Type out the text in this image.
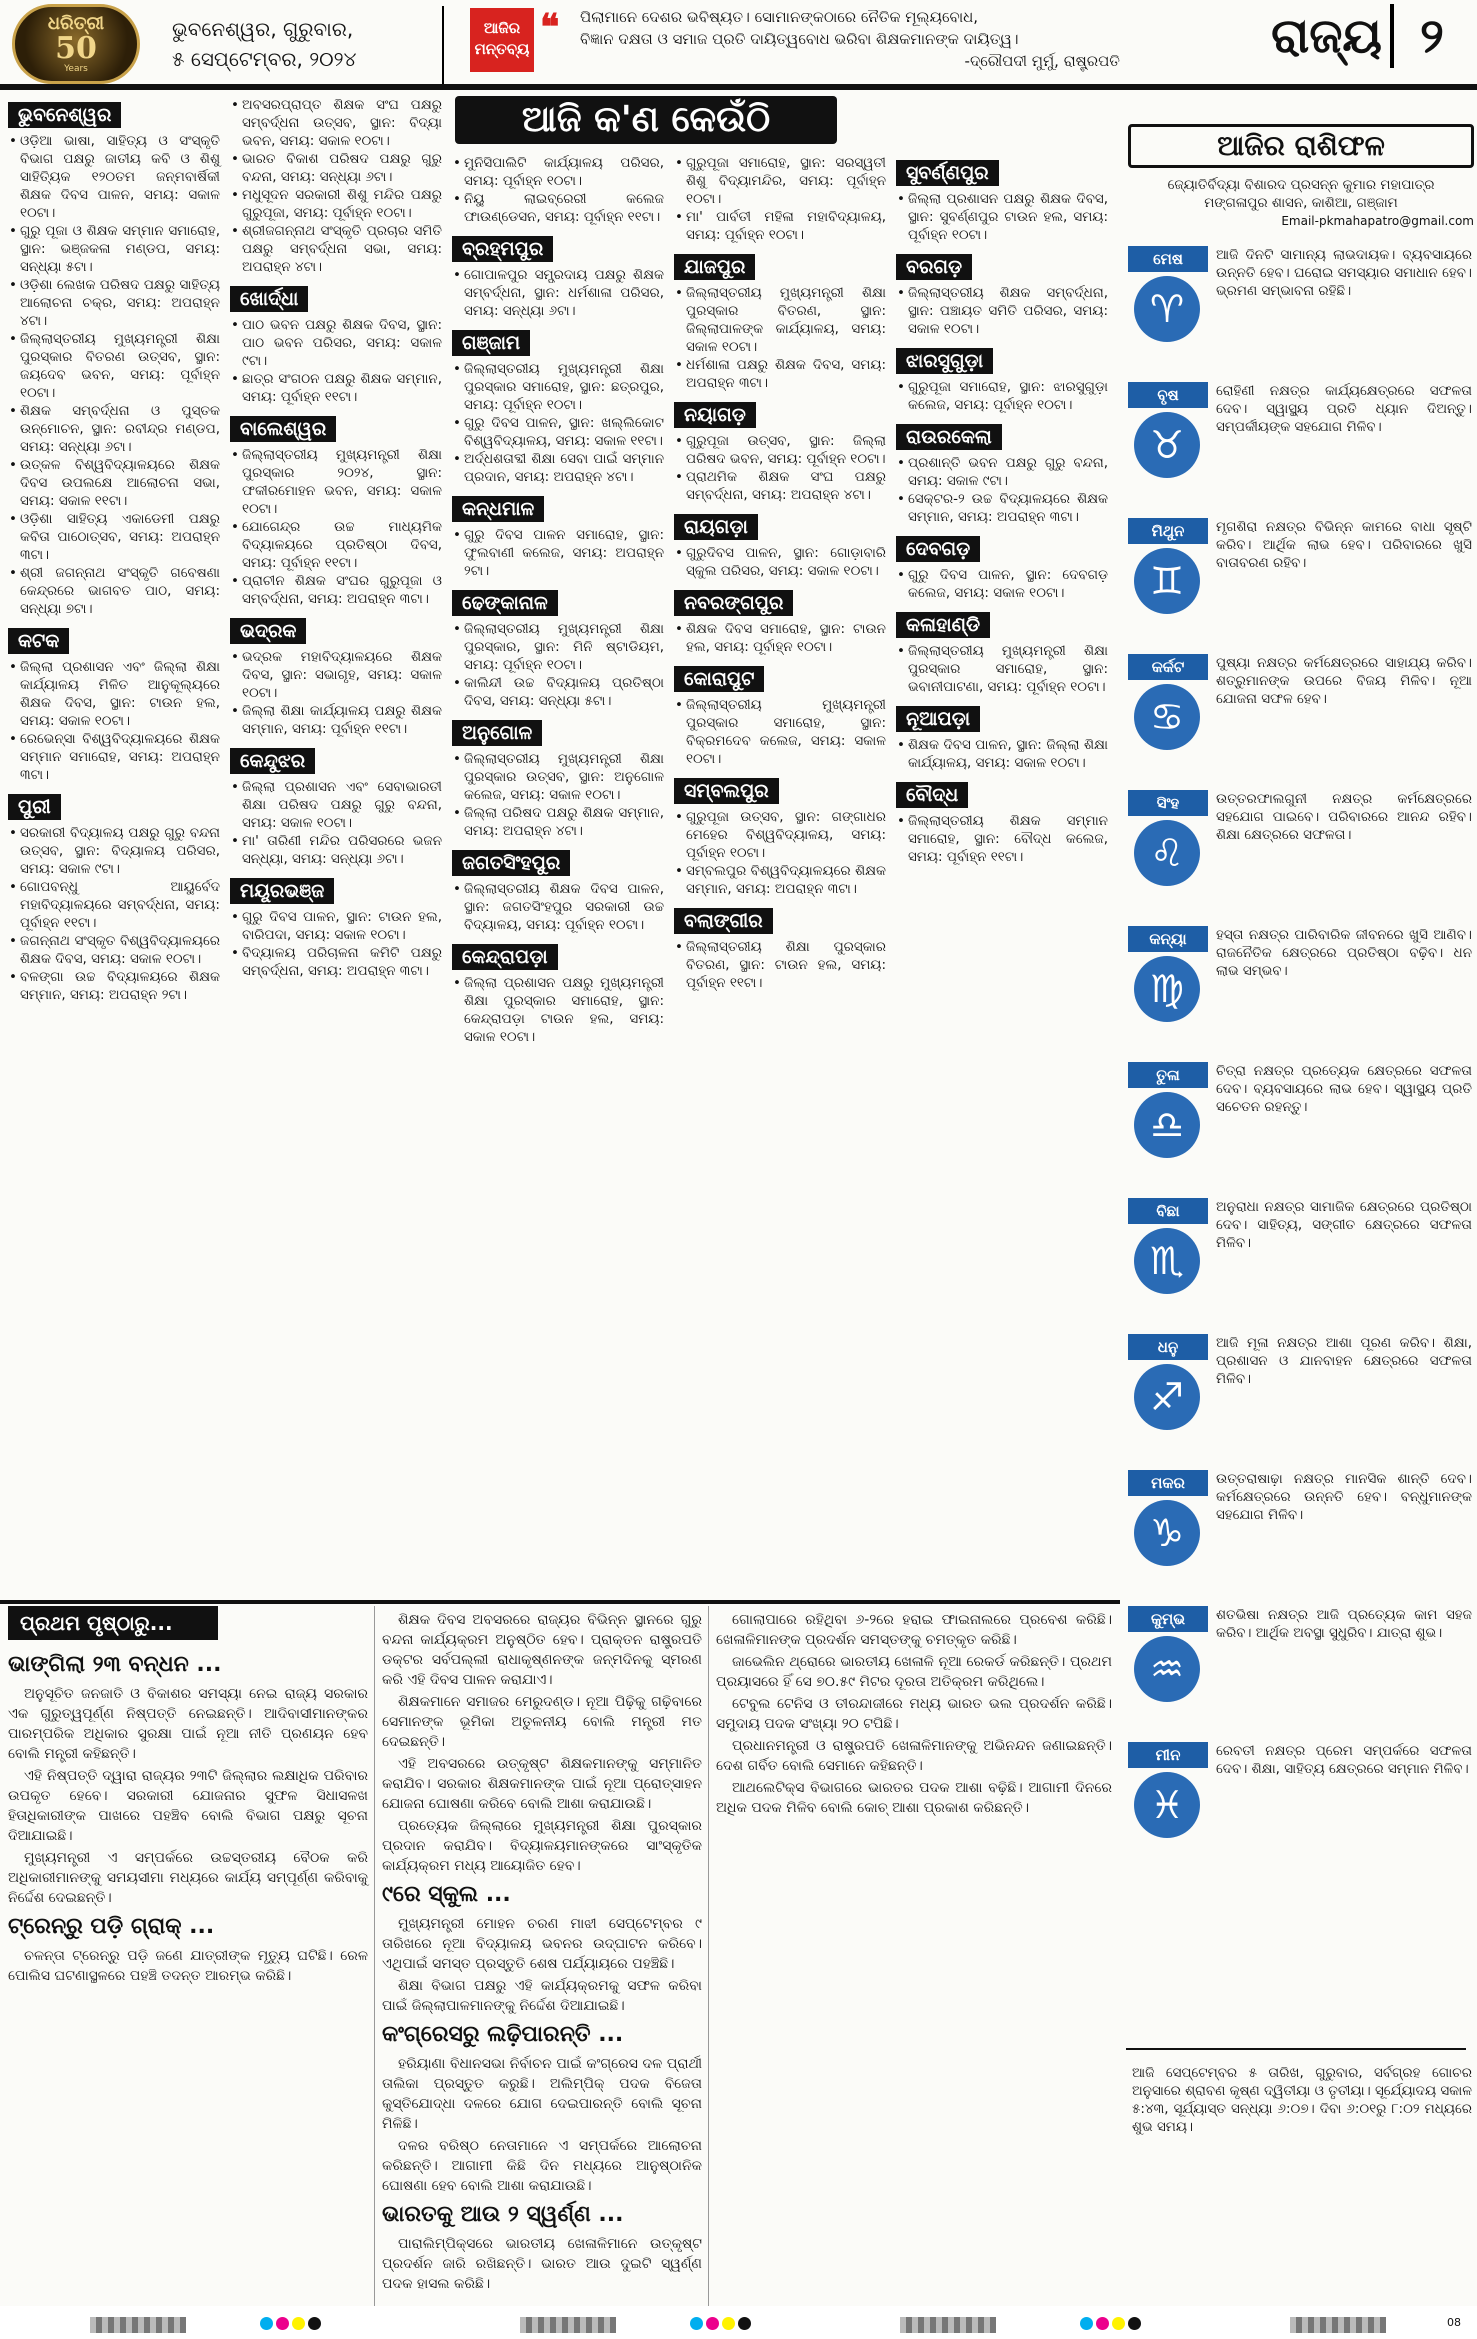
ଧରିତ୍ରୀ
50
Years
ଭୁବନେଶ୍ୱର, ଗୁରୁବାର,
୫ ସେପ୍ଟେମ୍ବର, ୨୦୨୪
ଆଜିର
ମନ୍ତବ୍ୟ
❝ ପିଲାମାନେ ଦେଶର ଭବିଷ୍ୟତ। ସୋମାନଙ୍କଠାରେ ନୈତିକ ମୂଲ୍ୟବୋଧ,
ବିଜ୍ଞାନ ଦକ୍ଷତା ଓ ସମାଜ ପ୍ରତି ଦାୟିତ୍ୱବୋଧ ଭରିବା ଶିକ୍ଷକମାନଙ୍କ ଦାୟିତ୍ୱ।
-ଦ୍ରୌପଦୀ ମୁର୍ମୁ, ରାଷ୍ଟ୍ରପତି	ରାଜ୍ୟ ୨
ଭୁବନେଶ୍ୱର
• ଓଡ଼ିଆ ଭାଷା, ସାହିତ୍ୟ ଓ ସଂସ୍କୃତି ବିଭାଗ ପକ୍ଷରୁ ଜାତୀୟ କବି ଓ ଶିଶୁ ସାହିତ୍ୟିକ ୧୨୦ତମ ଜନ୍ମବାର୍ଷିକୀ ଶିକ୍ଷକ ଦିବସ ପାଳନ, ସମୟ: ସକାଳ ୧୦ଟା।
• ଗୁରୁ ପୂଜା ଓ ଶିକ୍ଷକ ସମ୍ମାନ ସମାରୋହ, ସ୍ଥାନ: ଭଞ୍ଜକଳା ମଣ୍ଡପ, ସମୟ: ସନ୍ଧ୍ୟା ୫ଟା।
• ଓଡ଼ିଶା ଲେଖକ ପରିଷଦ ପକ୍ଷରୁ ସାହିତ୍ୟ ଆଲୋଚନା ଚକ୍ର, ସମୟ: ଅପରାହ୍ନ ୪ଟା।
• ଜିଲ୍ଲାସ୍ତରୀୟ ମୁଖ୍ୟମନ୍ତ୍ରୀ ଶିକ୍ଷା ପୁରସ୍କାର ବିତରଣ ଉତ୍ସବ, ସ୍ଥାନ: ଜୟଦେବ ଭବନ, ସମୟ: ପୂର୍ବାହ୍ନ ୧୦ଟା।
• ଶିକ୍ଷକ ସମ୍ବର୍ଦ୍ଧନା ଓ ପୁସ୍ତକ ଉନ୍ମୋଚନ, ସ୍ଥାନ: ରବୀନ୍ଦ୍ର ମଣ୍ଡପ, ସମୟ: ସନ୍ଧ୍ୟା ୬ଟା।
• ଉତ୍କଳ ବିଶ୍ୱବିଦ୍ୟାଳୟରେ ଶିକ୍ଷକ ଦିବସ ଉପଲକ୍ଷେ ଆଲୋଚନା ସଭା, ସମୟ: ସକାଳ ୧୧ଟା।
• ଓଡ଼ିଶା ସାହିତ୍ୟ ଏକାଡେମୀ ପକ୍ଷରୁ କବିତା ପାଠୋତ୍ସବ, ସମୟ: ଅପରାହ୍ନ ୩ଟା।
• ଶ୍ରୀ ଜଗନ୍ନାଥ ସଂସ୍କୃତି ଗବେଷଣା କେନ୍ଦ୍ରରେ ଭାଗବତ ପାଠ, ସମୟ: ସନ୍ଧ୍ୟା ୭ଟା।
କଟକ
• ଜିଲ୍ଲା ପ୍ରଶାସନ ଏବଂ ଜିଲ୍ଲା ଶିକ୍ଷା କାର୍ଯ୍ୟାଳୟ ମିଳିତ ଆନୁକୂଲ୍ୟରେ ଶିକ୍ଷକ ଦିବସ, ସ୍ଥାନ: ଟାଉନ ହଲ, ସମୟ: ସକାଳ ୧୦ଟା।
• ରେଭେନ୍ସା ବିଶ୍ୱବିଦ୍ୟାଳୟରେ ଶିକ୍ଷକ ସମ୍ମାନ ସମାରୋହ, ସମୟ: ଅପରାହ୍ନ ୩ଟା।
ପୁରୀ
• ସରକାରୀ ବିଦ୍ୟାଳୟ ପକ୍ଷରୁ ଗୁରୁ ବନ୍ଦନା ଉତ୍ସବ, ସ୍ଥାନ: ବିଦ୍ୟାଳୟ ପରିସର, ସମୟ: ସକାଳ ୯ଟା।
• ଗୋପବନ୍ଧୁ ଆୟୁର୍ବେଦ ମହାବିଦ୍ୟାଳୟରେ ସମ୍ବର୍ଦ୍ଧନା, ସମୟ: ପୂର୍ବାହ୍ନ ୧୧ଟା।
• ଜଗନ୍ନାଥ ସଂସ୍କୃତ ବିଶ୍ୱବିଦ୍ୟାଳୟରେ ଶିକ୍ଷକ ଦିବସ, ସମୟ: ସକାଳ ୧୦ଟା।
• ବଳଙ୍ଗା ଉଚ୍ଚ ବିଦ୍ୟାଳୟରେ ଶିକ୍ଷକ ସମ୍ମାନ, ସମୟ: ଅପରାହ୍ନ ୨ଟା।
• ଅବସରପ୍ରାପ୍ତ ଶିକ୍ଷକ ସଂଘ ପକ୍ଷରୁ ସମ୍ବର୍ଦ୍ଧନା ଉତ୍ସବ, ସ୍ଥାନ: ବିଦ୍ୟା ଭବନ, ସମୟ: ସକାଳ ୧୦ଟା।
• ଭାରତ ବିକାଶ ପରିଷଦ ପକ୍ଷରୁ ଗୁରୁ ବନ୍ଦନା, ସମୟ: ସନ୍ଧ୍ୟା ୬ଟା।
• ମଧୁସୂଦନ ସରକାରୀ ଶିଶୁ ମନ୍ଦିର ପକ୍ଷରୁ ଗୁରୁପୂଜା, ସମୟ: ପୂର୍ବାହ୍ନ ୧୦ଟା।
• ଶ୍ରୀଜଗନ୍ନାଥ ସଂସ୍କୃତି ପ୍ରଚାର ସମିତି ପକ୍ଷରୁ ସମ୍ବର୍ଦ୍ଧନା ସଭା, ସମୟ: ଅପରାହ୍ନ ୪ଟା।
ଖୋର୍ଦ୍ଧା
• ପାଠ ଭବନ ପକ୍ଷରୁ ଶିକ୍ଷକ ଦିବସ, ସ୍ଥାନ: ପାଠ ଭବନ ପରିସର, ସମୟ: ସକାଳ ୯ଟା।
• ଛାତ୍ର ସଂଗଠନ ପକ୍ଷରୁ ଶିକ୍ଷକ ସମ୍ମାନ, ସମୟ: ପୂର୍ବାହ୍ନ ୧୧ଟା।
ବାଲେଶ୍ୱର
• ଜିଲ୍ଲାସ୍ତରୀୟ ମୁଖ୍ୟମନ୍ତ୍ରୀ ଶିକ୍ଷା ପୁରସ୍କାର ୨୦୨୪, ସ୍ଥାନ: ଫକୀରମୋହନ ଭବନ, ସମୟ: ସକାଳ ୧୦ଟା।
• ଯୋଗେନ୍ଦ୍ର ଉଚ୍ଚ ମାଧ୍ୟମିକ ବିଦ୍ୟାଳୟରେ ପ୍ରତିଷ୍ଠା ଦିବସ, ସମୟ: ପୂର୍ବାହ୍ନ ୧୧ଟା।
• ପ୍ରାଚୀନ ଶିକ୍ଷକ ସଂଘର ଗୁରୁପୂଜା ଓ ସମ୍ବର୍ଦ୍ଧନା, ସମୟ: ଅପରାହ୍ନ ୩ଟା।
ଭଦ୍ରକ
• ଭଦ୍ରକ ମହାବିଦ୍ୟାଳୟରେ ଶିକ୍ଷକ ଦିବସ, ସ୍ଥାନ: ସଭାଗୃହ, ସମୟ: ସକାଳ ୧୦ଟା।
• ଜିଲ୍ଲା ଶିକ୍ଷା କାର୍ଯ୍ୟାଳୟ ପକ୍ଷରୁ ଶିକ୍ଷକ ସମ୍ମାନ, ସମୟ: ପୂର୍ବାହ୍ନ ୧୧ଟା।
କେନ୍ଦୁଝର
• ଜିଲ୍ଲା ପ୍ରଶାସନ ଏବଂ ସେବାଭାରତୀ ଶିକ୍ଷା ପରିଷଦ ପକ୍ଷରୁ ଗୁରୁ ବନ୍ଦନା, ସମୟ: ସକାଳ ୧୦ଟା।
• ମା' ତାରିଣୀ ମନ୍ଦିର ପରିସରରେ ଭଜନ ସନ୍ଧ୍ୟା, ସମୟ: ସନ୍ଧ୍ୟା ୬ଟା।
ମୟୂରଭଞ୍ଜ
• ଗୁରୁ ଦିବସ ପାଳନ, ସ୍ଥାନ: ଟାଉନ ହଲ, ବାରିପଦା, ସମୟ: ସକାଳ ୧୦ଟା।
• ବିଦ୍ୟାଳୟ ପରିଚାଳନା କମିଟି ପକ୍ଷରୁ ସମ୍ବର୍ଦ୍ଧନା, ସମୟ: ଅପରାହ୍ନ ୩ଟା।
ଆଜି କ'ଣ କେଉଁଠି
• ମୁନିସିପାଲିଟି କାର୍ଯ୍ୟାଳୟ ପରିସର, ସମୟ: ପୂର୍ବାହ୍ନ ୧୦ଟା।
• ନିୟୁ ଲାଇବ୍ରେରୀ କଲେଜ ଫାଉଣ୍ଡେସନ, ସମୟ: ପୂର୍ବାହ୍ନ ୧୧ଟା।
ବ୍ରହ୍ମପୁର
• ଗୋପାଳପୁର ସମ୍ପ୍ରଦାୟ ପକ୍ଷରୁ ଶିକ୍ଷକ ସମ୍ବର୍ଦ୍ଧନା, ସ୍ଥାନ: ଧର୍ମଶାଳା ପରିସର, ସମୟ: ସନ୍ଧ୍ୟା ୬ଟା।
ଗଞ୍ଜାମ
• ଜିଲ୍ଲାସ୍ତରୀୟ ମୁଖ୍ୟମନ୍ତ୍ରୀ ଶିକ୍ଷା ପୁରସ୍କାର ସମାରୋହ, ସ୍ଥାନ: ଛତ୍ରପୁର, ସମୟ: ପୂର୍ବାହ୍ନ ୧୦ଟା।
• ଗୁରୁ ଦିବସ ପାଳନ, ସ୍ଥାନ: ଖଲ୍ଲିକୋଟ ବିଶ୍ୱବିଦ୍ୟାଳୟ, ସମୟ: ସକାଳ ୧୧ଟା।
• ଅର୍ଦ୍ଧଶତାବ୍ଦୀ ଶିକ୍ଷା ସେବା ପାଇଁ ସମ୍ମାନ ପ୍ରଦାନ, ସମୟ: ଅପରାହ୍ନ ୪ଟା।
କନ୍ଧମାଳ
• ଗୁରୁ ଦିବସ ପାଳନ ସମାରୋହ, ସ୍ଥାନ: ଫୁଲବାଣୀ କଲେଜ, ସମୟ: ଅପରାହ୍ନ ୨ଟା।
ଢେଙ୍କାନାଳ
• ଜିଲ୍ଲାସ୍ତରୀୟ ମୁଖ୍ୟମନ୍ତ୍ରୀ ଶିକ୍ଷା ପୁରସ୍କାର, ସ୍ଥାନ: ମିନି ଷ୍ଟାଡିୟମ, ସମୟ: ପୂର୍ବାହ୍ନ ୧୦ଟା।
• କାଲିନ୍ଦୀ ଉଚ୍ଚ ବିଦ୍ୟାଳୟ ପ୍ରତିଷ୍ଠା ଦିବସ, ସମୟ: ସନ୍ଧ୍ୟା ୫ଟା।
ଅନୁଗୋଳ
• ଜିଲ୍ଲାସ୍ତରୀୟ ମୁଖ୍ୟମନ୍ତ୍ରୀ ଶିକ୍ଷା ପୁରସ୍କାର ଉତ୍ସବ, ସ୍ଥାନ: ଅନୁଗୋଳ କଲେଜ, ସମୟ: ସକାଳ ୧୦ଟା।
• ଜିଲ୍ଲା ପରିଷଦ ପକ୍ଷରୁ ଶିକ୍ଷକ ସମ୍ମାନ, ସମୟ: ଅପରାହ୍ନ ୪ଟା।
ଜଗତସିଂହପୁର
• ଜିଲ୍ଲାସ୍ତରୀୟ ଶିକ୍ଷକ ଦିବସ ପାଳନ, ସ୍ଥାନ: ଜଗତସିଂହପୁର ସରକାରୀ ଉଚ୍ଚ ବିଦ୍ୟାଳୟ, ସମୟ: ପୂର୍ବାହ୍ନ ୧୦ଟା।
କେନ୍ଦ୍ରାପଡ଼ା
• ଜିଲ୍ଲା ପ୍ରଶାସନ ପକ୍ଷରୁ ମୁଖ୍ୟମନ୍ତ୍ରୀ ଶିକ୍ଷା ପୁରସ୍କାର ସମାରୋହ, ସ୍ଥାନ: କେନ୍ଦ୍ରାପଡ଼ା ଟାଉନ ହଲ, ସମୟ: ସକାଳ ୧୦ଟା।
• ଗୁରୁପୂଜା ସମାରୋହ, ସ୍ଥାନ: ସରସ୍ୱତୀ ଶିଶୁ ବିଦ୍ୟାମନ୍ଦିର, ସମୟ: ପୂର୍ବାହ୍ନ ୧୦ଟା।
• ମା' ପାର୍ବତୀ ମହିଳା ମହାବିଦ୍ୟାଳୟ, ସମୟ: ପୂର୍ବାହ୍ନ ୧୦ଟା।
ଯାଜପୁର
• ଜିଲ୍ଲାସ୍ତରୀୟ ମୁଖ୍ୟମନ୍ତ୍ରୀ ଶିକ୍ଷା ପୁରସ୍କାର ବିତରଣ, ସ୍ଥାନ: ଜିଲ୍ଲାପାଳଙ୍କ କାର୍ଯ୍ୟାଳୟ, ସମୟ: ସକାଳ ୧୦ଟା।
• ଧର୍ମଶାଳା ପକ୍ଷରୁ ଶିକ୍ଷକ ଦିବସ, ସମୟ: ଅପରାହ୍ନ ୩ଟା।
ନୟାଗଡ଼
• ଗୁରୁପୂଜା ଉତ୍ସବ, ସ୍ଥାନ: ଜିଲ୍ଲା ପରିଷଦ ଭବନ, ସମୟ: ପୂର୍ବାହ୍ନ ୧୦ଟା।
• ପ୍ରାଥମିକ ଶିକ୍ଷକ ସଂଘ ପକ୍ଷରୁ ସମ୍ବର୍ଦ୍ଧନା, ସମୟ: ଅପରାହ୍ନ ୪ଟା।
ରାୟଗଡ଼ା
• ଗୁରୁଦିବସ ପାଳନ, ସ୍ଥାନ: ଗୋଡ଼ାବାରି ସ୍କୁଲ ପରିସର, ସମୟ: ସକାଳ ୧୦ଟା।
ନବରଙ୍ଗପୁର
• ଶିକ୍ଷକ ଦିବସ ସମାରୋହ, ସ୍ଥାନ: ଟାଉନ ହଲ, ସମୟ: ପୂର୍ବାହ୍ନ ୧୦ଟା।
କୋରାପୁଟ
• ଜିଲ୍ଲାସ୍ତରୀୟ ମୁଖ୍ୟମନ୍ତ୍ରୀ ପୁରସ୍କାର ସମାରୋହ, ସ୍ଥାନ: ବିକ୍ରମଦେବ କଲେଜ, ସମୟ: ସକାଳ ୧୦ଟା।
ସମ୍ବଲପୁର
• ଗୁରୁପୂଜା ଉତ୍ସବ, ସ୍ଥାନ: ଗଙ୍ଗାଧର ମେହେର ବିଶ୍ୱବିଦ୍ୟାଳୟ, ସମୟ: ପୂର୍ବାହ୍ନ ୧୦ଟା।
• ସମ୍ବଲପୁର ବିଶ୍ୱବିଦ୍ୟାଳୟରେ ଶିକ୍ଷକ ସମ୍ମାନ, ସମୟ: ଅପରାହ୍ନ ୩ଟା।
ବଲାଙ୍ଗୀର
• ଜିଲ୍ଲାସ୍ତରୀୟ ଶିକ୍ଷା ପୁରସ୍କାର ବିତରଣ, ସ୍ଥାନ: ଟାଉନ ହଲ, ସମୟ: ପୂର୍ବାହ୍ନ ୧୧ଟା।
ସୁବର୍ଣ୍ଣପୁର
• ଜିଲ୍ଲା ପ୍ରଶାସନ ପକ୍ଷରୁ ଶିକ୍ଷକ ଦିବସ, ସ୍ଥାନ: ସୁବର୍ଣ୍ଣପୁର ଟାଉନ ହଲ, ସମୟ: ପୂର୍ବାହ୍ନ ୧୦ଟା।
ବରଗଡ଼
• ଜିଲ୍ଲାସ୍ତରୀୟ ଶିକ୍ଷକ ସମ୍ବର୍ଦ୍ଧନା, ସ୍ଥାନ: ପଞ୍ଚାୟତ ସମିତି ପରିସର, ସମୟ: ସକାଳ ୧୦ଟା।
ଝାରସୁଗୁଡ଼ା
• ଗୁରୁପୂଜା ସମାରୋହ, ସ୍ଥାନ: ଝାରସୁଗୁଡ଼ା କଲେଜ, ସମୟ: ପୂର୍ବାହ୍ନ ୧୦ଟା।
ରାଉରକେଲା
• ପ୍ରଶାନ୍ତି ଭବନ ପକ୍ଷରୁ ଗୁରୁ ବନ୍ଦନା, ସମୟ: ସକାଳ ୯ଟା।
• ସେକ୍ଟର-୨ ଉଚ୍ଚ ବିଦ୍ୟାଳୟରେ ଶିକ୍ଷକ ସମ୍ମାନ, ସମୟ: ଅପରାହ୍ନ ୩ଟା।
ଦେବଗଡ଼
• ଗୁରୁ ଦିବସ ପାଳନ, ସ୍ଥାନ: ଦେବଗଡ଼ କଲେଜ, ସମୟ: ସକାଳ ୧୦ଟା।
କଳାହାଣ୍ଡି
• ଜିଲ୍ଲାସ୍ତରୀୟ ମୁଖ୍ୟମନ୍ତ୍ରୀ ଶିକ୍ଷା ପୁରସ୍କାର ସମାରୋହ, ସ୍ଥାନ: ଭବାନୀପାଟଣା, ସମୟ: ପୂର୍ବାହ୍ନ ୧୦ଟା।
ନୂଆପଡ଼ା
• ଶିକ୍ଷକ ଦିବସ ପାଳନ, ସ୍ଥାନ: ଜିଲ୍ଲା ଶିକ୍ଷା କାର୍ଯ୍ୟାଳୟ, ସମୟ: ସକାଳ ୧୦ଟା।
ବୌଦ୍ଧ
• ଜିଲ୍ଲାସ୍ତରୀୟ ଶିକ୍ଷକ ସମ୍ମାନ ସମାରୋହ, ସ୍ଥାନ: ବୌଦ୍ଧ କଲେଜ, ସମୟ: ପୂର୍ବାହ୍ନ ୧୧ଟା।
ଆଜିର ରାଶିଫଳ
ଜ୍ୟୋତିର୍ବିଦ୍ୟା ବିଶାରଦ ପ୍ରସନ୍ନ କୁମାର ମହାପାତ୍ର
ମଙ୍ଗଳାପୁର ଶାସନ, କାଶିଆ, ଗଞ୍ଜାମ
Email-pkmahapatro@gmail.com
ମେଷ
♈
ଆଜି ଦିନଟି ସାମାନ୍ୟ ଲାଭଦାୟକ। ବ୍ୟବସାୟରେ ଉନ୍ନତି ହେବ। ଘରୋଇ ସମସ୍ୟାର ସମାଧାନ ହେବ। ଭ୍ରମଣ ସମ୍ଭାବନା ରହିଛି।
ବୃଷ
♉
ରୋହିଣୀ ନକ୍ଷତ୍ର କାର୍ଯ୍ୟକ୍ଷେତ୍ରରେ ସଫଳତା ଦେବ। ସ୍ୱାସ୍ଥ୍ୟ ପ୍ରତି ଧ୍ୟାନ ଦିଅନ୍ତୁ। ସମ୍ପର୍କୀୟଙ୍କ ସହଯୋଗ ମିଳିବ।
ମିଥୁନ
♊
ମୃଗଶିରା ନକ୍ଷତ୍ର ବିଭିନ୍ନ କାମରେ ବାଧା ସୃଷ୍ଟି କରିବ। ଆର୍ଥିକ ଲାଭ ହେବ। ପରିବାରରେ ଖୁସି ବାତାବରଣ ରହିବ।
କର୍କଟ
♋
ପୁଷ୍ୟା ନକ୍ଷତ୍ର କର୍ମକ୍ଷେତ୍ରରେ ସାହାଯ୍ୟ କରିବ। ଶତ୍ରୁମାନଙ୍କ ଉପରେ ବିଜୟ ମିଳିବ। ନୂଆ ଯୋଜନା ସଫଳ ହେବ।
ସିଂହ
♌
ଉତ୍ତରଫାଲଗୁନୀ ନକ୍ଷତ୍ର କର୍ମକ୍ଷେତ୍ରରେ ସହଯୋଗ ପାଇବେ। ପରିବାରରେ ଆନନ୍ଦ ରହିବ। ଶିକ୍ଷା କ୍ଷେତ୍ରରେ ସଫଳତା।
କନ୍ୟା
♍
ହସ୍ତା ନକ୍ଷତ୍ର ପାରିବାରିକ ଜୀବନରେ ଖୁସି ଆଣିବ। ରାଜନୈତିକ କ୍ଷେତ୍ରରେ ପ୍ରତିଷ୍ଠା ବଢ଼ିବ। ଧନ ଲାଭ ସମ୍ଭବ।
ତୁଳା
♎
ଚିତ୍ରା ନକ୍ଷତ୍ର ପ୍ରତ୍ୟେକ କ୍ଷେତ୍ରରେ ସଫଳତା ଦେବ। ବ୍ୟବସାୟରେ ଲାଭ ହେବ। ସ୍ୱାସ୍ଥ୍ୟ ପ୍ରତି ସଚେତନ ରହନ୍ତୁ।
ବିଛା
♏
ଅନୁରାଧା ନକ୍ଷତ୍ର ସାମାଜିକ କ୍ଷେତ୍ରରେ ପ୍ରତିଷ୍ଠା ଦେବ। ସାହିତ୍ୟ, ସଙ୍ଗୀତ କ୍ଷେତ୍ରରେ ସଫଳତା ମିଳିବ।
ଧନୁ
♐
ଆଜି ମୂଳା ନକ୍ଷତ୍ର ଆଶା ପୂରଣ କରିବ। ଶିକ୍ଷା, ପ୍ରଶାସନ ଓ ଯାନବାହନ କ୍ଷେତ୍ରରେ ସଫଳତା ମିଳିବ।
ମକର
♑
ଉତ୍ତରାଷାଢ଼ା ନକ୍ଷତ୍ର ମାନସିକ ଶାନ୍ତି ଦେବ। କର୍ମକ୍ଷେତ୍ରରେ ଉନ୍ନତି ହେବ। ବନ୍ଧୁମାନଙ୍କ ସହଯୋଗ ମିଳିବ।
କୁମ୍ଭ
♒
ଶତଭିଷା ନକ୍ଷତ୍ର ଆଜି ପ୍ରତ୍ୟେକ କାମ ସହଜ କରିବ। ଆର୍ଥିକ ଅବସ୍ଥା ସୁଧୁରିବ। ଯାତ୍ରା ଶୁଭ।
ମୀନ
♓
ରେବତୀ ନକ୍ଷତ୍ର ପ୍ରେମ ସମ୍ପର୍କରେ ସଫଳତା ଦେବ। ଶିକ୍ଷା, ସାହିତ୍ୟ କ୍ଷେତ୍ରରେ ସମ୍ମାନ ମିଳିବ।
ପ୍ରଥମ ପୃଷ୍ଠାରୁ...
ଭାଙ୍ଗିଲା ୨୩ ବନ୍ଧନ ...

ଅନୁସୂଚିତ ଜନଜାତି ଓ ବିକାଶର ସମସ୍ୟା ନେଇ ରାଜ୍ୟ ସରକାର ଏକ ଗୁରୁତ୍ୱପୂର୍ଣ୍ଣ ନିଷ୍ପତ୍ତି ନେଇଛନ୍ତି। ଆଦିବାସୀମାନଙ୍କର ପାରମ୍ପରିକ ଅଧିକାର ସୁରକ୍ଷା ପାଇଁ ନୂଆ ନୀତି ପ୍ରଣୟନ ହେବ ବୋଲି ମନ୍ତ୍ରୀ କହିଛନ୍ତି।

ଏହି ନିଷ୍ପତ୍ତି ଦ୍ୱାରା ରାଜ୍ୟର ୨୩ଟି ଜିଲ୍ଲାର ଲକ୍ଷାଧିକ ପରିବାର ଉପକୃତ ହେବେ। ସରକାରୀ ଯୋଜନାର ସୁଫଳ ସିଧାସଳଖ ହିତାଧିକାରୀଙ୍କ ପାଖରେ ପହଞ୍ଚିବ ବୋଲି ବିଭାଗ ପକ୍ଷରୁ ସୂଚନା ଦିଆଯାଇଛି।

ମୁଖ୍ୟମନ୍ତ୍ରୀ ଏ ସମ୍ପର୍କରେ ଉଚ୍ଚସ୍ତରୀୟ ବୈଠକ କରି ଅଧିକାରୀମାନଙ୍କୁ ସମୟସୀମା ମଧ୍ୟରେ କାର୍ଯ୍ୟ ସମ୍ପୂର୍ଣ୍ଣ କରିବାକୁ ନିର୍ଦ୍ଦେଶ ଦେଇଛନ୍ତି।

ଟ୍ରେନ୍‌ରୁ ପଡ଼ି ଗ୍ରାକ୍ ...

ଚଳନ୍ତା ଟ୍ରେନ୍‌ରୁ ପଡ଼ି ଜଣେ ଯାତ୍ରୀଙ୍କ ମୃତ୍ୟୁ ଘଟିଛି। ରେଳ ପୋଲିସ ଘଟଣାସ୍ଥଳରେ ପହଞ୍ଚି ତଦନ୍ତ ଆରମ୍ଭ କରିଛି।

ଶିକ୍ଷକ ଦିବସ ଅବସରରେ ରାଜ୍ୟର ବିଭିନ୍ନ ସ୍ଥାନରେ ଗୁରୁ ବନ୍ଦନା କାର୍ଯ୍ୟକ୍ରମ ଅନୁଷ୍ଠିତ ହେବ। ପ୍ରାକ୍ତନ ରାଷ୍ଟ୍ରପତି ଡକ୍ଟର ସର୍ବପଲ୍ଲୀ ରାଧାକୃଷ୍ଣନଙ୍କ ଜନ୍ମଦିନକୁ ସ୍ମରଣ କରି ଏହି ଦିବସ ପାଳନ କରାଯାଏ।

ଶିକ୍ଷକମାନେ ସମାଜର ମେରୁଦଣ୍ଡ। ନୂଆ ପିଢ଼ିକୁ ଗଢ଼ିବାରେ ସେମାନଙ୍କ ଭୂମିକା ଅତୁଳନୀୟ ବୋଲି ମନ୍ତ୍ରୀ ମତ ଦେଇଛନ୍ତି।

ଏହି ଅବସରରେ ଉତ୍କୃଷ୍ଟ ଶିକ୍ଷକମାନଙ୍କୁ ସମ୍ମାନିତ କରାଯିବ। ସରକାର ଶିକ୍ଷକମାନଙ୍କ ପାଇଁ ନୂଆ ପ୍ରୋତ୍ସାହନ ଯୋଜନା ଘୋଷଣା କରିବେ ବୋଲି ଆଶା କରାଯାଉଛି।

ପ୍ରତ୍ୟେକ ଜିଲ୍ଲାରେ ମୁଖ୍ୟମନ୍ତ୍ରୀ ଶିକ୍ଷା ପୁରସ୍କାର ପ୍ରଦାନ କରାଯିବ। ବିଦ୍ୟାଳୟମାନଙ୍କରେ ସାଂସ୍କୃତିକ କାର୍ଯ୍ୟକ୍ରମ ମଧ୍ୟ ଆୟୋଜିତ ହେବ।

୯ରେ ସ୍କୁଲ ...

ମୁଖ୍ୟମନ୍ତ୍ରୀ ମୋହନ ଚରଣ ମାଝୀ ସେପ୍ଟେମ୍ବର ୯ ତାରିଖରେ ନୂଆ ବିଦ୍ୟାଳୟ ଭବନର ଉଦ୍‌ଘାଟନ କରିବେ। ଏଥିପାଇଁ ସମସ୍ତ ପ୍ରସ୍ତୁତି ଶେଷ ପର୍ଯ୍ୟାୟରେ ପହଞ୍ଚିଛି।

ଶିକ୍ଷା ବିଭାଗ ପକ୍ଷରୁ ଏହି କାର୍ଯ୍ୟକ୍ରମକୁ ସଫଳ କରିବା ପାଇଁ ଜିଲ୍ଲାପାଳମାନଙ୍କୁ ନିର୍ଦ୍ଦେଶ ଦିଆଯାଇଛି।

କଂଗ୍ରେସରୁ ଲଢ଼ିପାରନ୍ତି ...

ହରିୟାଣା ବିଧାନସଭା ନିର୍ବାଚନ ପାଇଁ କଂଗ୍ରେସ ଦଳ ପ୍ରାର୍ଥୀ ତାଲିକା ପ୍ରସ୍ତୁତ କରୁଛି। ଅଲିମ୍ପିକ୍ ପଦକ ବିଜେତା କୁସ୍ତିଯୋଦ୍ଧା ଦଳରେ ଯୋଗ ଦେଇପାରନ୍ତି ବୋଲି ସୂଚନା ମିଳିଛି।

ଦଳର ବରିଷ୍ଠ ନେତାମାନେ ଏ ସମ୍ପର୍କରେ ଆଲୋଚନା କରିଛନ୍ତି। ଆଗାମୀ କିଛି ଦିନ ମଧ୍ୟରେ ଆନୁଷ୍ଠାନିକ ଘୋଷଣା ହେବ ବୋଲି ଆଶା କରାଯାଉଛି।

ଭାରତକୁ ଆଉ ୨ ସ୍ୱର୍ଣ୍ଣ ...

ପାରାଲିମ୍ପିକ୍‌ସରେ ଭାରତୀୟ ଖେଳାଳିମାନେ ଉତ୍କୃଷ୍ଟ ପ୍ରଦର୍ଶନ ଜାରି ରଖିଛନ୍ତି। ଭାରତ ଆଉ ଦୁଇଟି ସ୍ୱର୍ଣ୍ଣ ପଦକ ହାସଲ କରିଛି।

ଗୋଲାପାରେ ରହିଥିବା ୬-୨ରେ ହରାଇ ଫାଇନାଲରେ ପ୍ରବେଶ କରିଛି। ଖେଳାଳିମାନଙ୍କ ପ୍ରଦର୍ଶନ ସମସ୍ତଙ୍କୁ ଚମତ୍କୃତ କରିଛି।

ଜାଭେଲିନ ଥ୍ରୋରେ ଭାରତୀୟ ଖେଳାଳି ନୂଆ ରେକର୍ଡ କରିଛନ୍ତି। ପ୍ରଥମ ପ୍ରୟାସରେ ହିଁ ସେ ୭୦.୫୯ ମିଟର ଦୂରତା ଅତିକ୍ରମ କରିଥିଲେ।

ଟେବୁଲ ଟେନିସ ଓ ତୀରନ୍ଦାଜୀରେ ମଧ୍ୟ ଭାରତ ଭଲ ପ୍ରଦର୍ଶନ କରିଛି। ସମୁଦାୟ ପଦକ ସଂଖ୍ୟା ୨୦ ଟପିଛି।

ପ୍ରଧାନମନ୍ତ୍ରୀ ଓ ରାଷ୍ଟ୍ରପତି ଖେଳାଳିମାନଙ୍କୁ ଅଭିନନ୍ଦନ ଜଣାଇଛନ୍ତି। ଦେଶ ଗର୍ବିତ ବୋଲି ସେମାନେ କହିଛନ୍ତି।

ଆଥଲେଟିକ୍ସ ବିଭାଗରେ ଭାରତର ପଦକ ଆଶା ବଢ଼ିଛି। ଆଗାମୀ ଦିନରେ ଅଧିକ ପଦକ ମିଳିବ ବୋଲି କୋଚ୍ ଆଶା ପ୍ରକାଶ କରିଛନ୍ତି।

ଆଜି ସେପ୍ଟେମ୍ବର ୫ ତାରିଖ, ଗୁରୁବାର, ସର୍ବଗ୍ରହ ଗୋଚର ଅନୁସାରେ ଶ୍ରାବଣ କୃଷ୍ଣ ଦ୍ୱିତୀୟା ଓ ତୃତୀୟା। ସୂର୍ଯ୍ୟୋଦୟ ସକାଳ ୫:୪୩, ସୂର୍ଯ୍ୟାସ୍ତ ସନ୍ଧ୍ୟା ୬:୦୭। ଦିବା ୬:୦୧ରୁ ୮:୦୨ ମଧ୍ୟରେ ଶୁଭ ସମୟ।
08
